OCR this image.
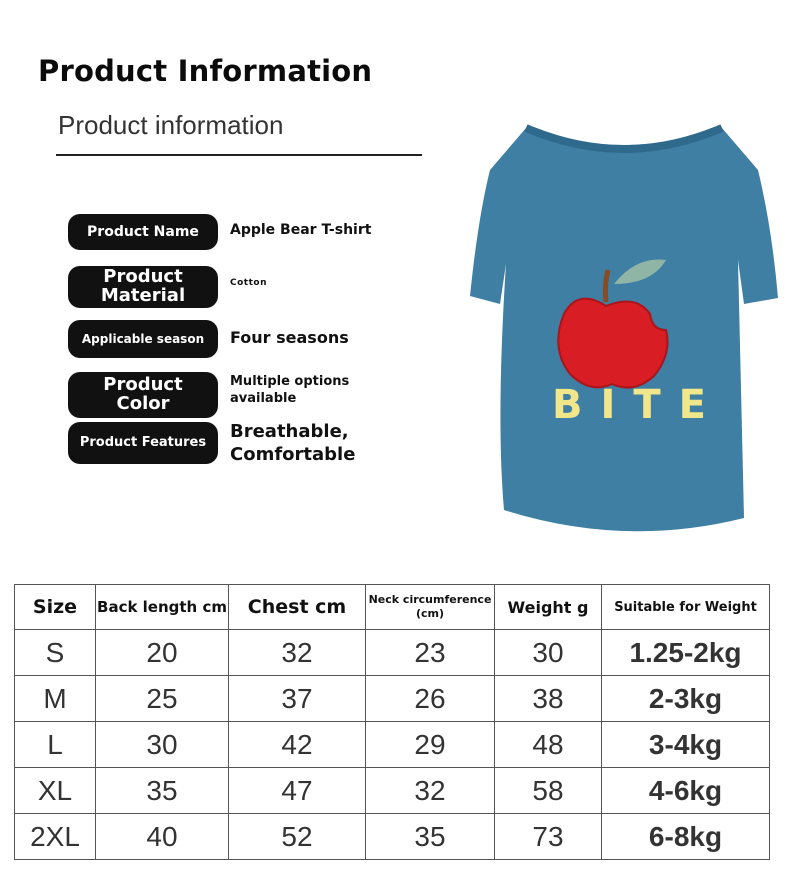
Product Information
Product information
Product Name Apple Bear T-shirt
Product Material
Cotton
Applicable season Four seasons
Product Color
Multiple options available
Product Features
Breathable, Comfortable
BITE
Size	Back length cm	Chest cm	Neck circumference (cm)	Weight g	Suitable for Weight
S	20	32	23	30	1.25-2kg
M	25	37	26	38	2-3kg
L	30	42	29	48	3-4kg
XL	35	47	32	58	4-6kg
2XL	40	52	35	73	6-8kg
